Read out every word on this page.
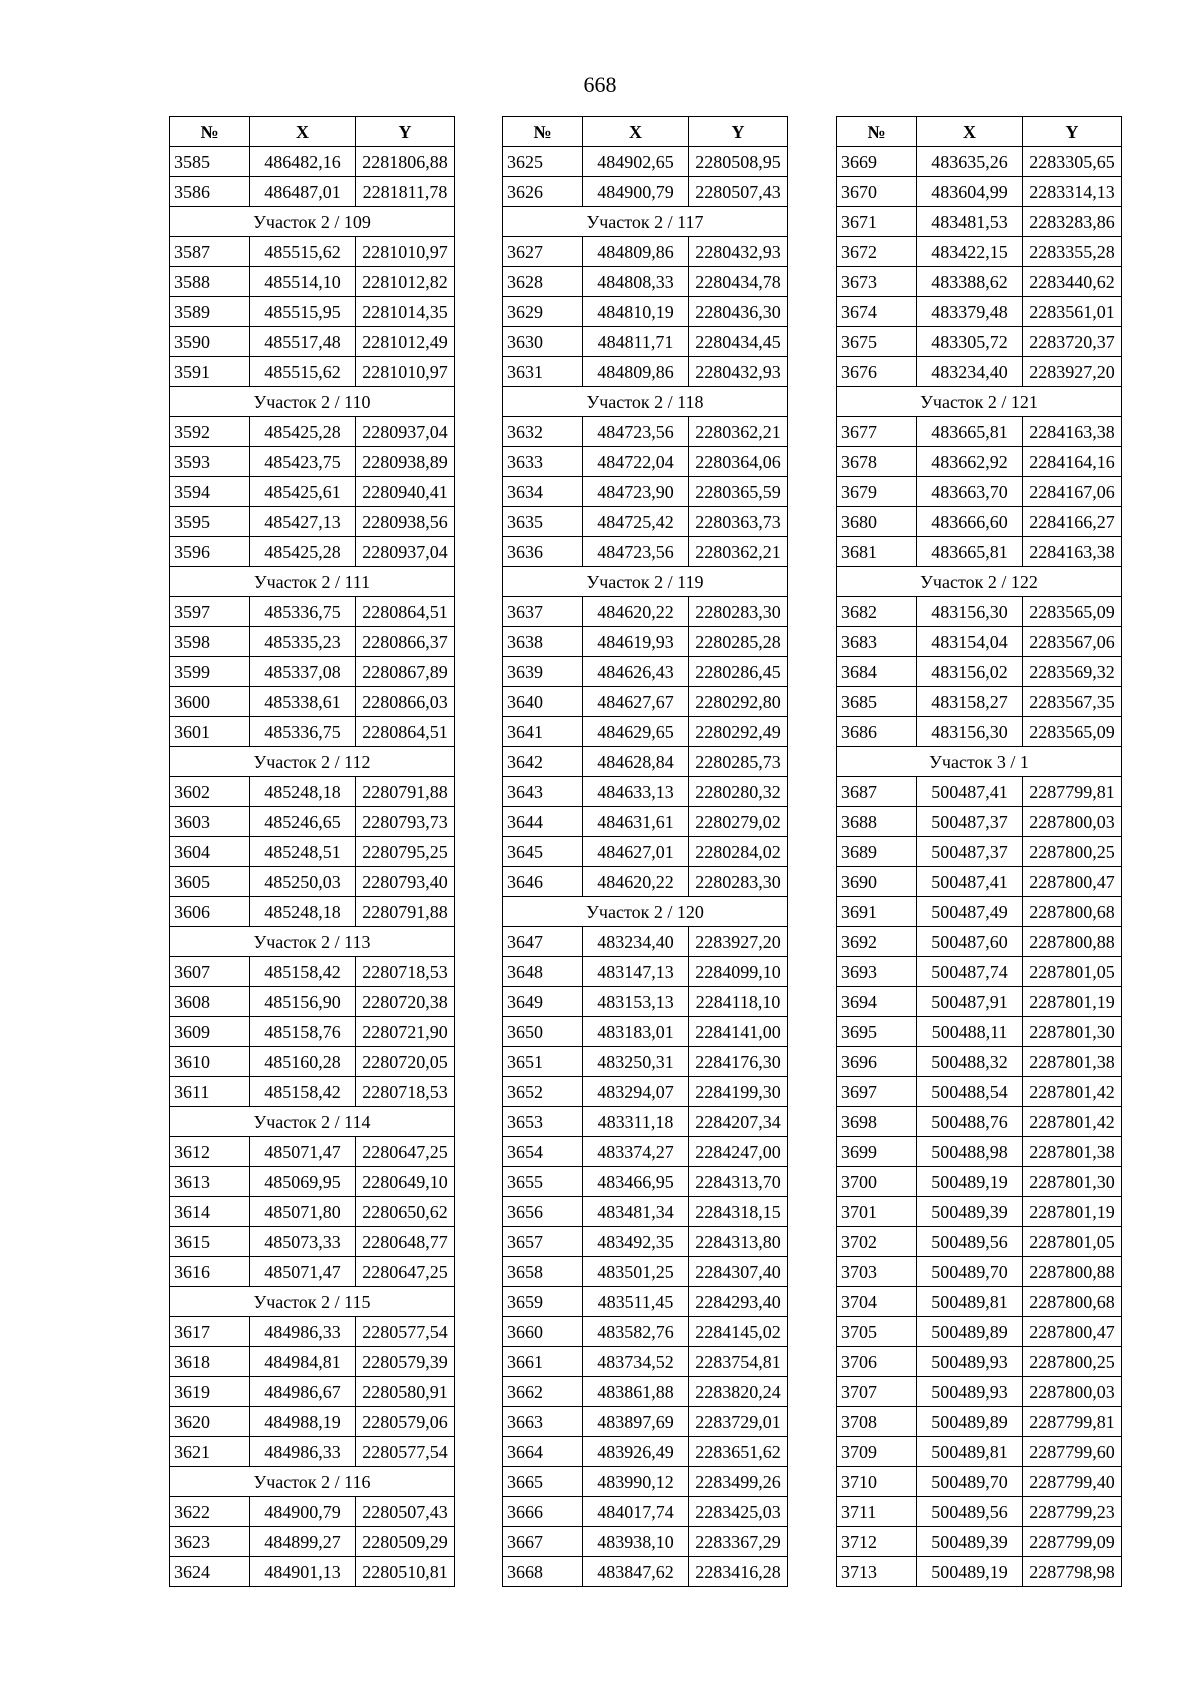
668
№	X	Y
3585	486482,16	2281806,88
3586	486487,01	2281811,78
Участок 2 / 109		
3587	485515,62	2281010,97
3588	485514,10	2281012,82
3589	485515,95	2281014,35
3590	485517,48	2281012,49
3591	485515,62	2281010,97
Участок 2 / 110		
3592	485425,28	2280937,04
3593	485423,75	2280938,89
3594	485425,61	2280940,41
3595	485427,13	2280938,56
3596	485425,28	2280937,04
Участок 2 / 111		
3597	485336,75	2280864,51
3598	485335,23	2280866,37
3599	485337,08	2280867,89
3600	485338,61	2280866,03
3601	485336,75	2280864,51
Участок 2 / 112		
3602	485248,18	2280791,88
3603	485246,65	2280793,73
3604	485248,51	2280795,25
3605	485250,03	2280793,40
3606	485248,18	2280791,88
Участок 2 / 113		
3607	485158,42	2280718,53
3608	485156,90	2280720,38
3609	485158,76	2280721,90
3610	485160,28	2280720,05
3611	485158,42	2280718,53
Участок 2 / 114		
3612	485071,47	2280647,25
3613	485069,95	2280649,10
3614	485071,80	2280650,62
3615	485073,33	2280648,77
3616	485071,47	2280647,25
Участок 2 / 115		
3617	484986,33	2280577,54
3618	484984,81	2280579,39
3619	484986,67	2280580,91
3620	484988,19	2280579,06
3621	484986,33	2280577,54
Участок 2 / 116		
3622	484900,79	2280507,43
3623	484899,27	2280509,29
3624	484901,13	2280510,81
№	X	Y
3625	484902,65	2280508,95
3626	484900,79	2280507,43
Участок 2 / 117		
3627	484809,86	2280432,93
3628	484808,33	2280434,78
3629	484810,19	2280436,30
3630	484811,71	2280434,45
3631	484809,86	2280432,93
Участок 2 / 118		
3632	484723,56	2280362,21
3633	484722,04	2280364,06
3634	484723,90	2280365,59
3635	484725,42	2280363,73
3636	484723,56	2280362,21
Участок 2 / 119		
3637	484620,22	2280283,30
3638	484619,93	2280285,28
3639	484626,43	2280286,45
3640	484627,67	2280292,80
3641	484629,65	2280292,49
3642	484628,84	2280285,73
3643	484633,13	2280280,32
3644	484631,61	2280279,02
3645	484627,01	2280284,02
3646	484620,22	2280283,30
Участок 2 / 120		
3647	483234,40	2283927,20
3648	483147,13	2284099,10
3649	483153,13	2284118,10
3650	483183,01	2284141,00
3651	483250,31	2284176,30
3652	483294,07	2284199,30
3653	483311,18	2284207,34
3654	483374,27	2284247,00
3655	483466,95	2284313,70
3656	483481,34	2284318,15
3657	483492,35	2284313,80
3658	483501,25	2284307,40
3659	483511,45	2284293,40
3660	483582,76	2284145,02
3661	483734,52	2283754,81
3662	483861,88	2283820,24
3663	483897,69	2283729,01
3664	483926,49	2283651,62
3665	483990,12	2283499,26
3666	484017,74	2283425,03
3667	483938,10	2283367,29
3668	483847,62	2283416,28
№	X	Y
3669	483635,26	2283305,65
3670	483604,99	2283314,13
3671	483481,53	2283283,86
3672	483422,15	2283355,28
3673	483388,62	2283440,62
3674	483379,48	2283561,01
3675	483305,72	2283720,37
3676	483234,40	2283927,20
Участок 2 / 121		
3677	483665,81	2284163,38
3678	483662,92	2284164,16
3679	483663,70	2284167,06
3680	483666,60	2284166,27
3681	483665,81	2284163,38
Участок 2 / 122		
3682	483156,30	2283565,09
3683	483154,04	2283567,06
3684	483156,02	2283569,32
3685	483158,27	2283567,35
3686	483156,30	2283565,09
Участок 3 / 1		
3687	500487,41	2287799,81
3688	500487,37	2287800,03
3689	500487,37	2287800,25
3690	500487,41	2287800,47
3691	500487,49	2287800,68
3692	500487,60	2287800,88
3693	500487,74	2287801,05
3694	500487,91	2287801,19
3695	500488,11	2287801,30
3696	500488,32	2287801,38
3697	500488,54	2287801,42
3698	500488,76	2287801,42
3699	500488,98	2287801,38
3700	500489,19	2287801,30
3701	500489,39	2287801,19
3702	500489,56	2287801,05
3703	500489,70	2287800,88
3704	500489,81	2287800,68
3705	500489,89	2287800,47
3706	500489,93	2287800,25
3707	500489,93	2287800,03
3708	500489,89	2287799,81
3709	500489,81	2287799,60
3710	500489,70	2287799,40
3711	500489,56	2287799,23
3712	500489,39	2287799,09
3713	500489,19	2287798,98
